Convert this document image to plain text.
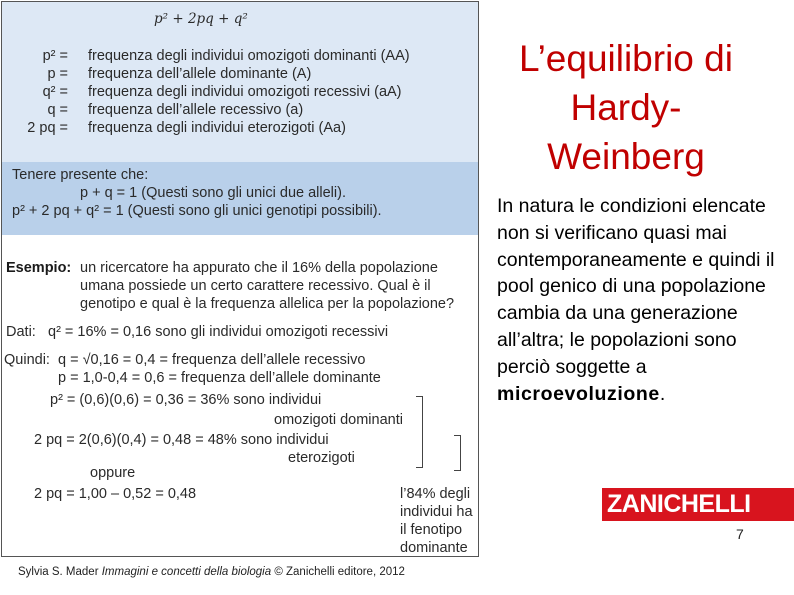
p² + 2pq + q²
p² = frequenza degli individui omozigoti dominanti (AA)
p = frequenza dell’allele dominante (A)
q² = frequenza degli individui omozigoti recessivi (aA)
q = frequenza dell’allele recessivo (a)
2 pq = frequenza degli individui eterozigoti (Aa)
Tenere presente che:
p + q = 1 (Questi sono gli unici due alleli).
p² + 2 pq + q² = 1 (Questi sono gli unici genotipi possibili).
Esempio: un ricercatore ha appurato che il 16% della popolazione
umana possiede un certo carattere recessivo. Qual è il
genotipo e qual è la frequenza allelica per la popolazione?
Dati: q² = 16% = 0,16 sono gli individui omozigoti recessivi
Quindi: q = √0,16 = 0,4 = frequenza dell’allele recessivo
p = 1,0-0,4 = 0,6 = frequenza dell’allele dominante
p² = (0,6)(0,6) = 0,36 = 36% sono individui
omozigoti dominanti
2 pq = 2(0,6)(0,4) = 0,48 = 48% sono individui
eterozigoti
oppure
2 pq = 1,00 – 0,52 = 0,48	l’84% degli
individui ha
il fenotipo
dominante
L’equilibrio di
Hardy-
Weinberg
In natura le condizioni elencate non si verificano quasi mai contemporaneamente e quindi il pool genico di una popolazione cambia da una generazione all’altra; le popolazioni sono perciò soggette a microevoluzione.
ZANICHELLI
7
Sylvia S. Mader Immagini e concetti della biologia © Zanichelli editore, 2012
